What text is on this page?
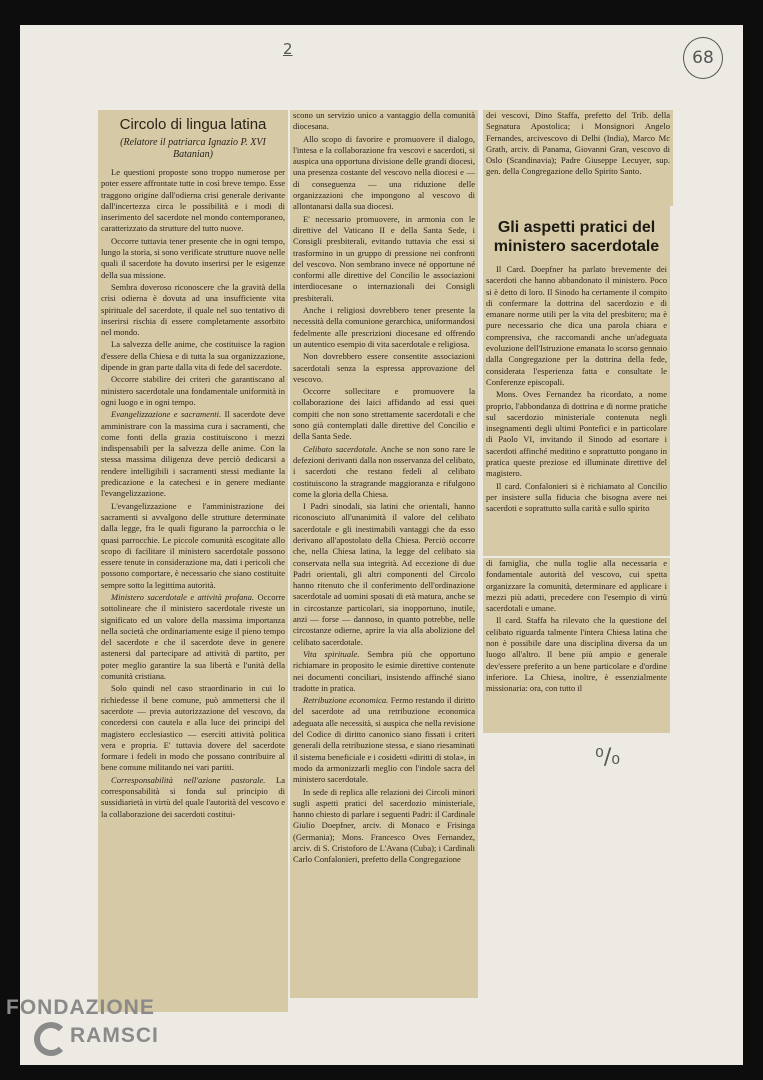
2	68
⁰/₀
Circolo di lingua latina
(Relatore il patriarca Ignazio P. XVI Batanian)

Le questioni proposte sono troppo numerose per poter essere affrontate tutte in così breve tempo. Esse traggono origine dall'odierna crisi generale derivante dall'incertezza circa le possibilità e i modi di inserimento del sacerdote nel mondo contemporaneo, caratterizzato da strutture del tutto nuove.

Occorre tuttavia tener presente che in ogni tempo, lungo la storia, si sono verificate strutture nuove nelle quali il sacerdote ha dovuto inserirsi per le esigenze della sua missione.

Sembra doveroso riconoscere che la gravità della crisi odierna è dovuta ad una insufficiente vita spirituale del sacerdote, il quale nel suo tentativo di inserirsi rischia di essere completamente assorbito nel mondo.

La salvezza delle anime, che costituisce la ragion d'essere della Chiesa e di tutta la sua organizzazione, dipende in gran parte dalla vita di fede del sacerdote.

Occorre stabilire dei criteri che garantiscano al ministero sacerdotale una fondamentale uniformità in ogni luogo e in ogni tempo.

Evangelizzazione e sacramenti. Il sacerdote deve amministrare con la massima cura i sacramenti, che come fonti della grazia costituiscono i mezzi indispensabili per la salvezza delle anime. Con la stessa massima diligenza deve perciò dedicarsi a rendere intelligibili i sacramenti stessi mediante la predicazione e la catechesi e in genere mediante l'evangelizzazione.

L'evangelizzazione e l'amministrazione dei sacramenti si avvalgono delle strutture determinate dalla legge, fra le quali figurano la parrocchia o le quasi parrocchie. Le piccole comunità escogitate allo scopo di facilitare il ministero sacerdotale possono essere tenute in considerazione ma, dati i pericoli che possono comportare, è necessario che siano costituite sempre sotto la legittima autorità.

Ministero sacerdotale e attività profana. Occorre sottolineare che il ministero sacerdotale riveste un significato ed un valore della massima importanza nella società che ordinariamente esige il pieno tempo del sacerdote e che il sacerdote deve in genere astenersi dal partecipare ad attività di partito, per poter meglio garantire la sua libertà e l'unità della comunità cristiana.

Solo quindi nel caso straordinario in cui lo richiedesse il bene comune, può ammettersi che il sacerdote — previa autorizzazione del vescovo, da concedersi con cautela e alla luce dei principi del magistero ecclesiastico — eserciti attività politica vera e propria. E' tuttavia dovere del sacerdote formare i fedeli in modo che possano contribuire al bene comune militando nei vari partiti.

Corresponsabilità nell'azione pastorale. La corresponsabilità si fonda sul principio di sussidiarietà in virtù del quale l'autorità del vescovo e la collaborazione dei sacerdoti costitui-

scono un servizio unico a vantaggio della comunità diocesana.

Allo scopo di favorire e promuovere il dialogo, l'intesa e la collaborazione fra vescovi e sacerdoti, si auspica una opportuna divisione delle grandi diocesi, una presenza costante del vescovo nella diocesi e — di conseguenza — una riduzione delle organizzazioni che impongono al vescovo di allontanarsi dalla sua diocesi.

E' necessario promuovere, in armonia con le direttive del Vaticano II e della Santa Sede, i Consigli presbiterali, evitando tuttavia che essi si trasformino in un gruppo di pressione nei confronti del vescovo. Non sembrano invece né opportune né conformi alle direttive del Concilio le associazioni interdiocesane o internazionali dei Consigli presbiterali.

Anche i religiosi dovrebbero tener presente la necessità della comunione gerarchica, uniformandosi fedelmente alle prescrizioni diocesane ed offrendo un autentico esempio di vita sacerdotale e religiosa.

Non dovrebbero essere consentite associazioni sacerdotali senza la espressa approvazione del vescovo.

Occorre sollecitare e promuovere la collaborazione dei laici affidando ad essi quei compiti che non sono strettamente sacerdotali e che sono già contemplati dalle direttive del Concilio e della Santa Sede.

Celibato sacerdotale. Anche se non sono rare le defezioni derivanti dalla non osservanza del celibato, i sacerdoti che restano fedeli al celibato costituiscono la stragrande maggioranza e rifulgono come la gloria della Chiesa.

I Padri sinodali, sia latini che orientali, hanno riconosciuto all'unanimità il valore del celibato sacerdotale e gli inestimabili vantaggi che da esso derivano all'apostolato della Chiesa. Perciò occorre che, nella Chiesa latina, la legge del celibato sia conservata nella sua integrità. Ad eccezione di due Padri orientali, gli altri componenti del Circolo hanno ritenuto che il conferimento dell'ordinazione sacerdotale ad uomini sposati di età matura, anche se in circostanze particolari, sia inopportuno, inutile, anzi — forse — dannoso, in quanto potrebbe, nelle circostanze odierne, aprire la via alla abolizione del celibato sacerdotale.

Vita spirituale. Sembra più che opportuno richiamare in proposito le esimie direttive contenute nei documenti conciliari, insistendo affinché siano tradotte in pratica.

Retribuzione economica. Fermo restando il diritto del sacerdote ad una retribuzione economica adeguata alle necessità, si auspica che nella revisione del Codice di diritto canonico siano fissati i criteri generali della retribuzione stessa, e siano riesaminati il sistema beneficiale e i cosidetti «diritti di stola», in modo da armonizzarli meglio con l'indole sacra del ministero sacerdotale.

In sede di replica alle relazioni dei Circoli minori sugli aspetti pratici del sacerdozio ministeriale, hanno chiesto di parlare i seguenti Padri: il Cardinale Giulio Doepfner, arciv. di Monaco e Frisinga (Germania); Mons. Francesco Oves Fernandez, arciv. di S. Cristoforo de L'Avana (Cuba); i Cardinali Carlo Confalonieri, prefetto della Congregazione

dei vescovi, Dino Staffa, prefetto del Trib. della Segnatura Apostolica; i Monsignori Angelo Fernandes, arcivescovo di Delhi (India), Marco Mc Grath, arciv. di Panama, Giovanni Gran, vescovo di Oslo (Scandinavia); Padre Giuseppe Lecuyer, sup. gen. della Congregazione dello Spirito Santo.

Gli aspetti pratici del ministero sacerdotale

Il Card. Doepfner ha parlato brevemente dei sacerdoti che hanno abbandonato il ministero. Poco si è detto di loro. Il Sinodo ha certamente il compito di confermare la dottrina del sacerdozio e di emanare norme utili per la vita del presbitero; ma è pure necessario che dica una parola chiara e comprensiva, che raccomandi anche un'adeguata evoluzione dell'Istruzione emanata lo scorso gennaio dalla Congregazione per la dottrina della fede, considerata l'esperienza fatta e consultate le Conferenze episcopali.

Mons. Oves Fernandez ha ricordato, a nome proprio, l'abbondanza di dottrina e di norme pratiche sul sacerdozio ministeriale contenuta negli insegnamenti degli ultimi Pontefici e in particolare di Paolo VI, invitando il Sinodo ad esortare i sacerdoti affinché meditino e soprattutto pongano in pratica queste preziose ed illuminate direttive del magistero.

Il card. Confalonieri si è richiamato al Concilio per insistere sulla fiducia che bisogna avere nei sacerdoti e soprattutto sulla carità e sullo spirito

di famiglia, che nulla toglie alla necessaria e fondamentale autorità del vescovo, cui spetta organizzare la comunità, determinare ed applicare i mezzi più adatti, precedere con l'esempio di virtù sacerdotali e umane.

Il card. Staffa ha rilevato che la questione del celibato riguarda talmente l'intera Chiesa latina che non è possibile dare una disciplina diversa da un luogo all'altro. Il bene più ampio e generale dev'essere preferito a un bene particolare e d'ordine inferiore. La Chiesa, inoltre, è essenzialmente missionaria: ora, con tutto il

FONDAZIONE
RAMSCI
